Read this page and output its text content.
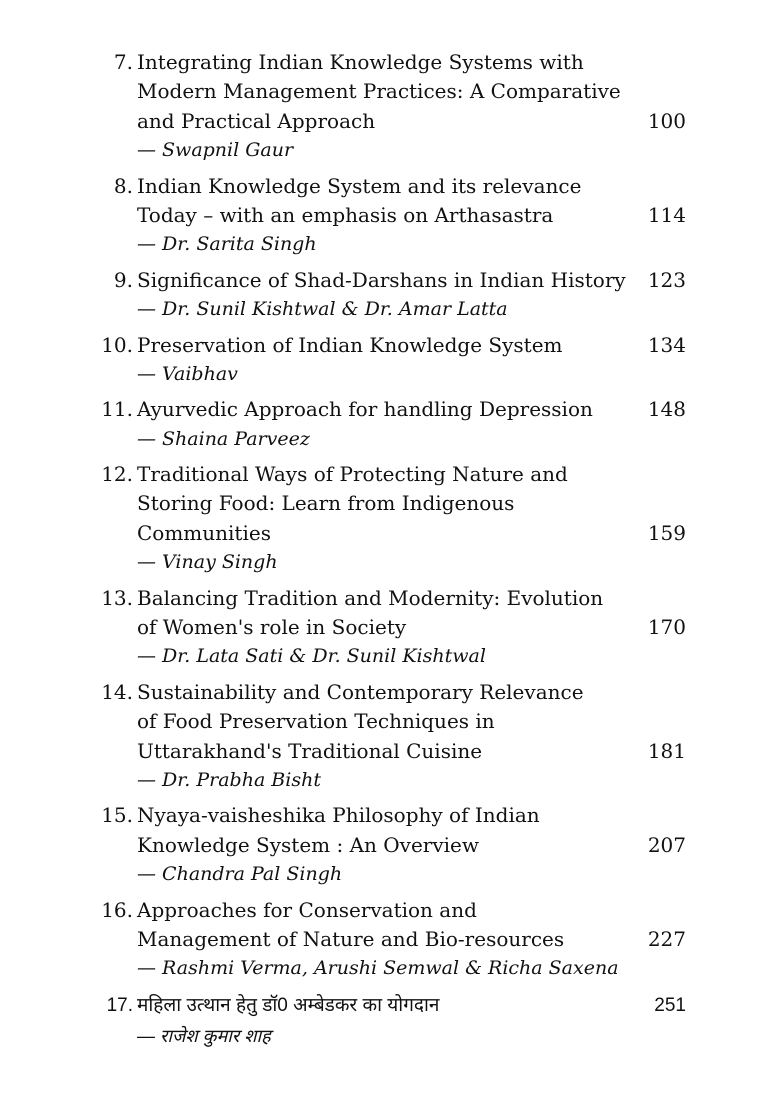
7. Integrating Indian Knowledge Systems with
Modern Management Practices: A Comparative
and Practical Approach	100
— Swapnil Gaur
8. Indian Knowledge System and its relevance
Today – with an emphasis on Arthasastra	114
— Dr. Sarita Singh
9. Significance of Shad-Darshans in Indian History 123
— Dr. Sunil Kishtwal & Dr. Amar Latta
10. Preservation of Indian Knowledge System	134
— Vaibhav
11. Ayurvedic Approach for handling Depression	148
— Shaina Parveez
12. Traditional Ways of Protecting Nature and
Storing Food: Learn from Indigenous
Communities	159
— Vinay Singh
13. Balancing Tradition and Modernity: Evolution
of Women's role in Society	170
— Dr. Lata Sati & Dr. Sunil Kishtwal
14. Sustainability and Contemporary Relevance
of Food Preservation Techniques in
Uttarakhand's Traditional Cuisine	181
— Dr. Prabha Bisht
15. Nyaya-vaisheshika Philosophy of Indian
Knowledge System : An Overview	207
— Chandra Pal Singh
16. Approaches for Conservation and
Management of Nature and Bio-resources	227
— Rashmi Verma, Arushi Semwal & Richa Saxena
17. महिला उत्थान हेतु डॉ0 अम्बेडकर का योगदान	251
— राजेश कुमार शाह
